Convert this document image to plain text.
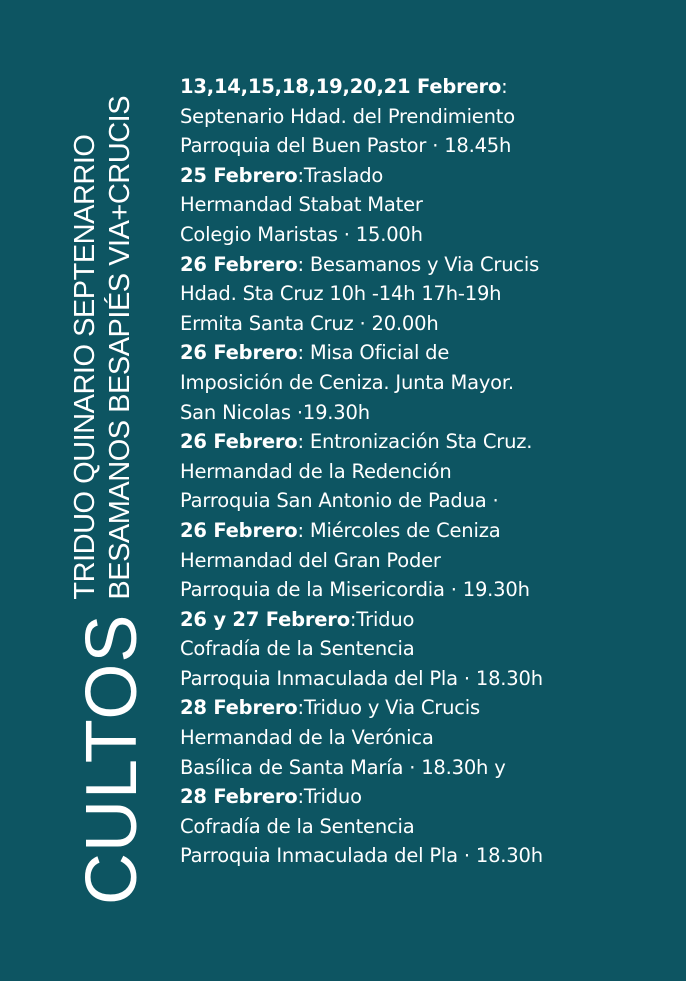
CULTOS
TRIDUO QUINARIO SEPTENARRIO BESAMANOS BESAPIÉS VIA+CRUCIS
13,14,15,18,19,20,21 Febrero:
Septenario Hdad. del Prendimiento
Parroquia del Buen Pastor · 18.45h
25 Febrero:Traslado
Hermandad Stabat Mater
Colegio Maristas · 15.00h
26 Febrero: Besamanos y Via Crucis
Hdad. Sta Cruz 10h -14h 17h-19h
Ermita Santa Cruz · 20.00h
26 Febrero: Misa Oficial de
Imposición de Ceniza. Junta Mayor.
San Nicolas ·19.30h
26 Febrero: Entronización Sta Cruz.
Hermandad de la Redención
Parroquia San Antonio de Padua ·
26 Febrero: Miércoles de Ceniza
Hermandad del Gran Poder
Parroquia de la Misericordia · 19.30h
26 y 27 Febrero:Triduo
Cofradía de la Sentencia
Parroquia Inmaculada del Pla · 18.30h
28 Febrero:Triduo y Via Crucis
Hermandad de la Verónica
Basílica de Santa María · 18.30h y
28 Febrero:Triduo
Cofradía de la Sentencia
Parroquia Inmaculada del Pla · 18.30h
